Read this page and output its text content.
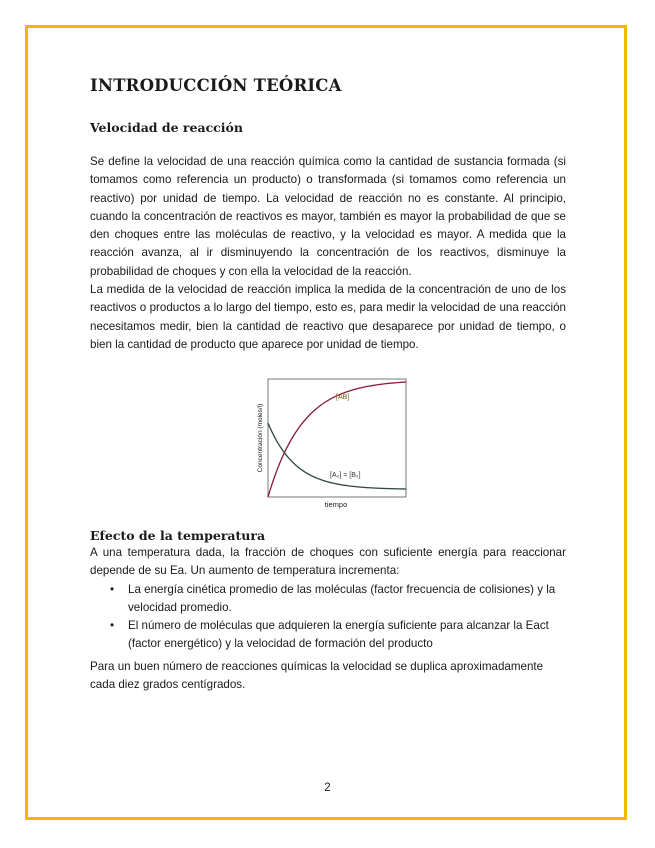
INTRODUCCIÓN TEÓRICA
Velocidad de reacción

Se define la velocidad de una reacción química como la cantidad de sustancia formada (si tomamos como referencia un producto) o transformada (si tomamos como referencia un reactivo) por unidad de tiempo. La velocidad de reacción no es constante. Al principio, cuando la concentración de reactivos es mayor, también es mayor la probabilidad de que se den choques entre las moléculas de reactivo, y la velocidad es mayor. A medida que la reacción avanza, al ir disminuyendo la concentración de los reactivos, disminuye la probabilidad de choques y con ella la velocidad de la reacción.

La medida de la velocidad de reacción implica la medida de la concentración de uno de los reactivos o productos a lo largo del tiempo, esto es, para medir la velocidad de una reacción necesitamos medir, bien la cantidad de reactivo que desaparece por unidad de tiempo, o bien la cantidad de producto que aparece por unidad de tiempo.

[AB]
[A₂] = [B₂]
tiempo
Concentración (moles/l)
Efecto de la temperatura

A una temperatura dada, la fracción de choques con suficiente energía para reaccionar depende de su Ea. Un aumento de temperatura incrementa:

• La energía cinética promedio de las moléculas (factor frecuencia de colisiones) y la velocidad promedio.
• El número de moléculas que adquieren la energía suficiente para alcanzar la Eact (factor energético) y la velocidad de formación del producto

Para un buen número de reacciones químicas la velocidad se duplica aproximadamente cada diez grados centígrados.

2
